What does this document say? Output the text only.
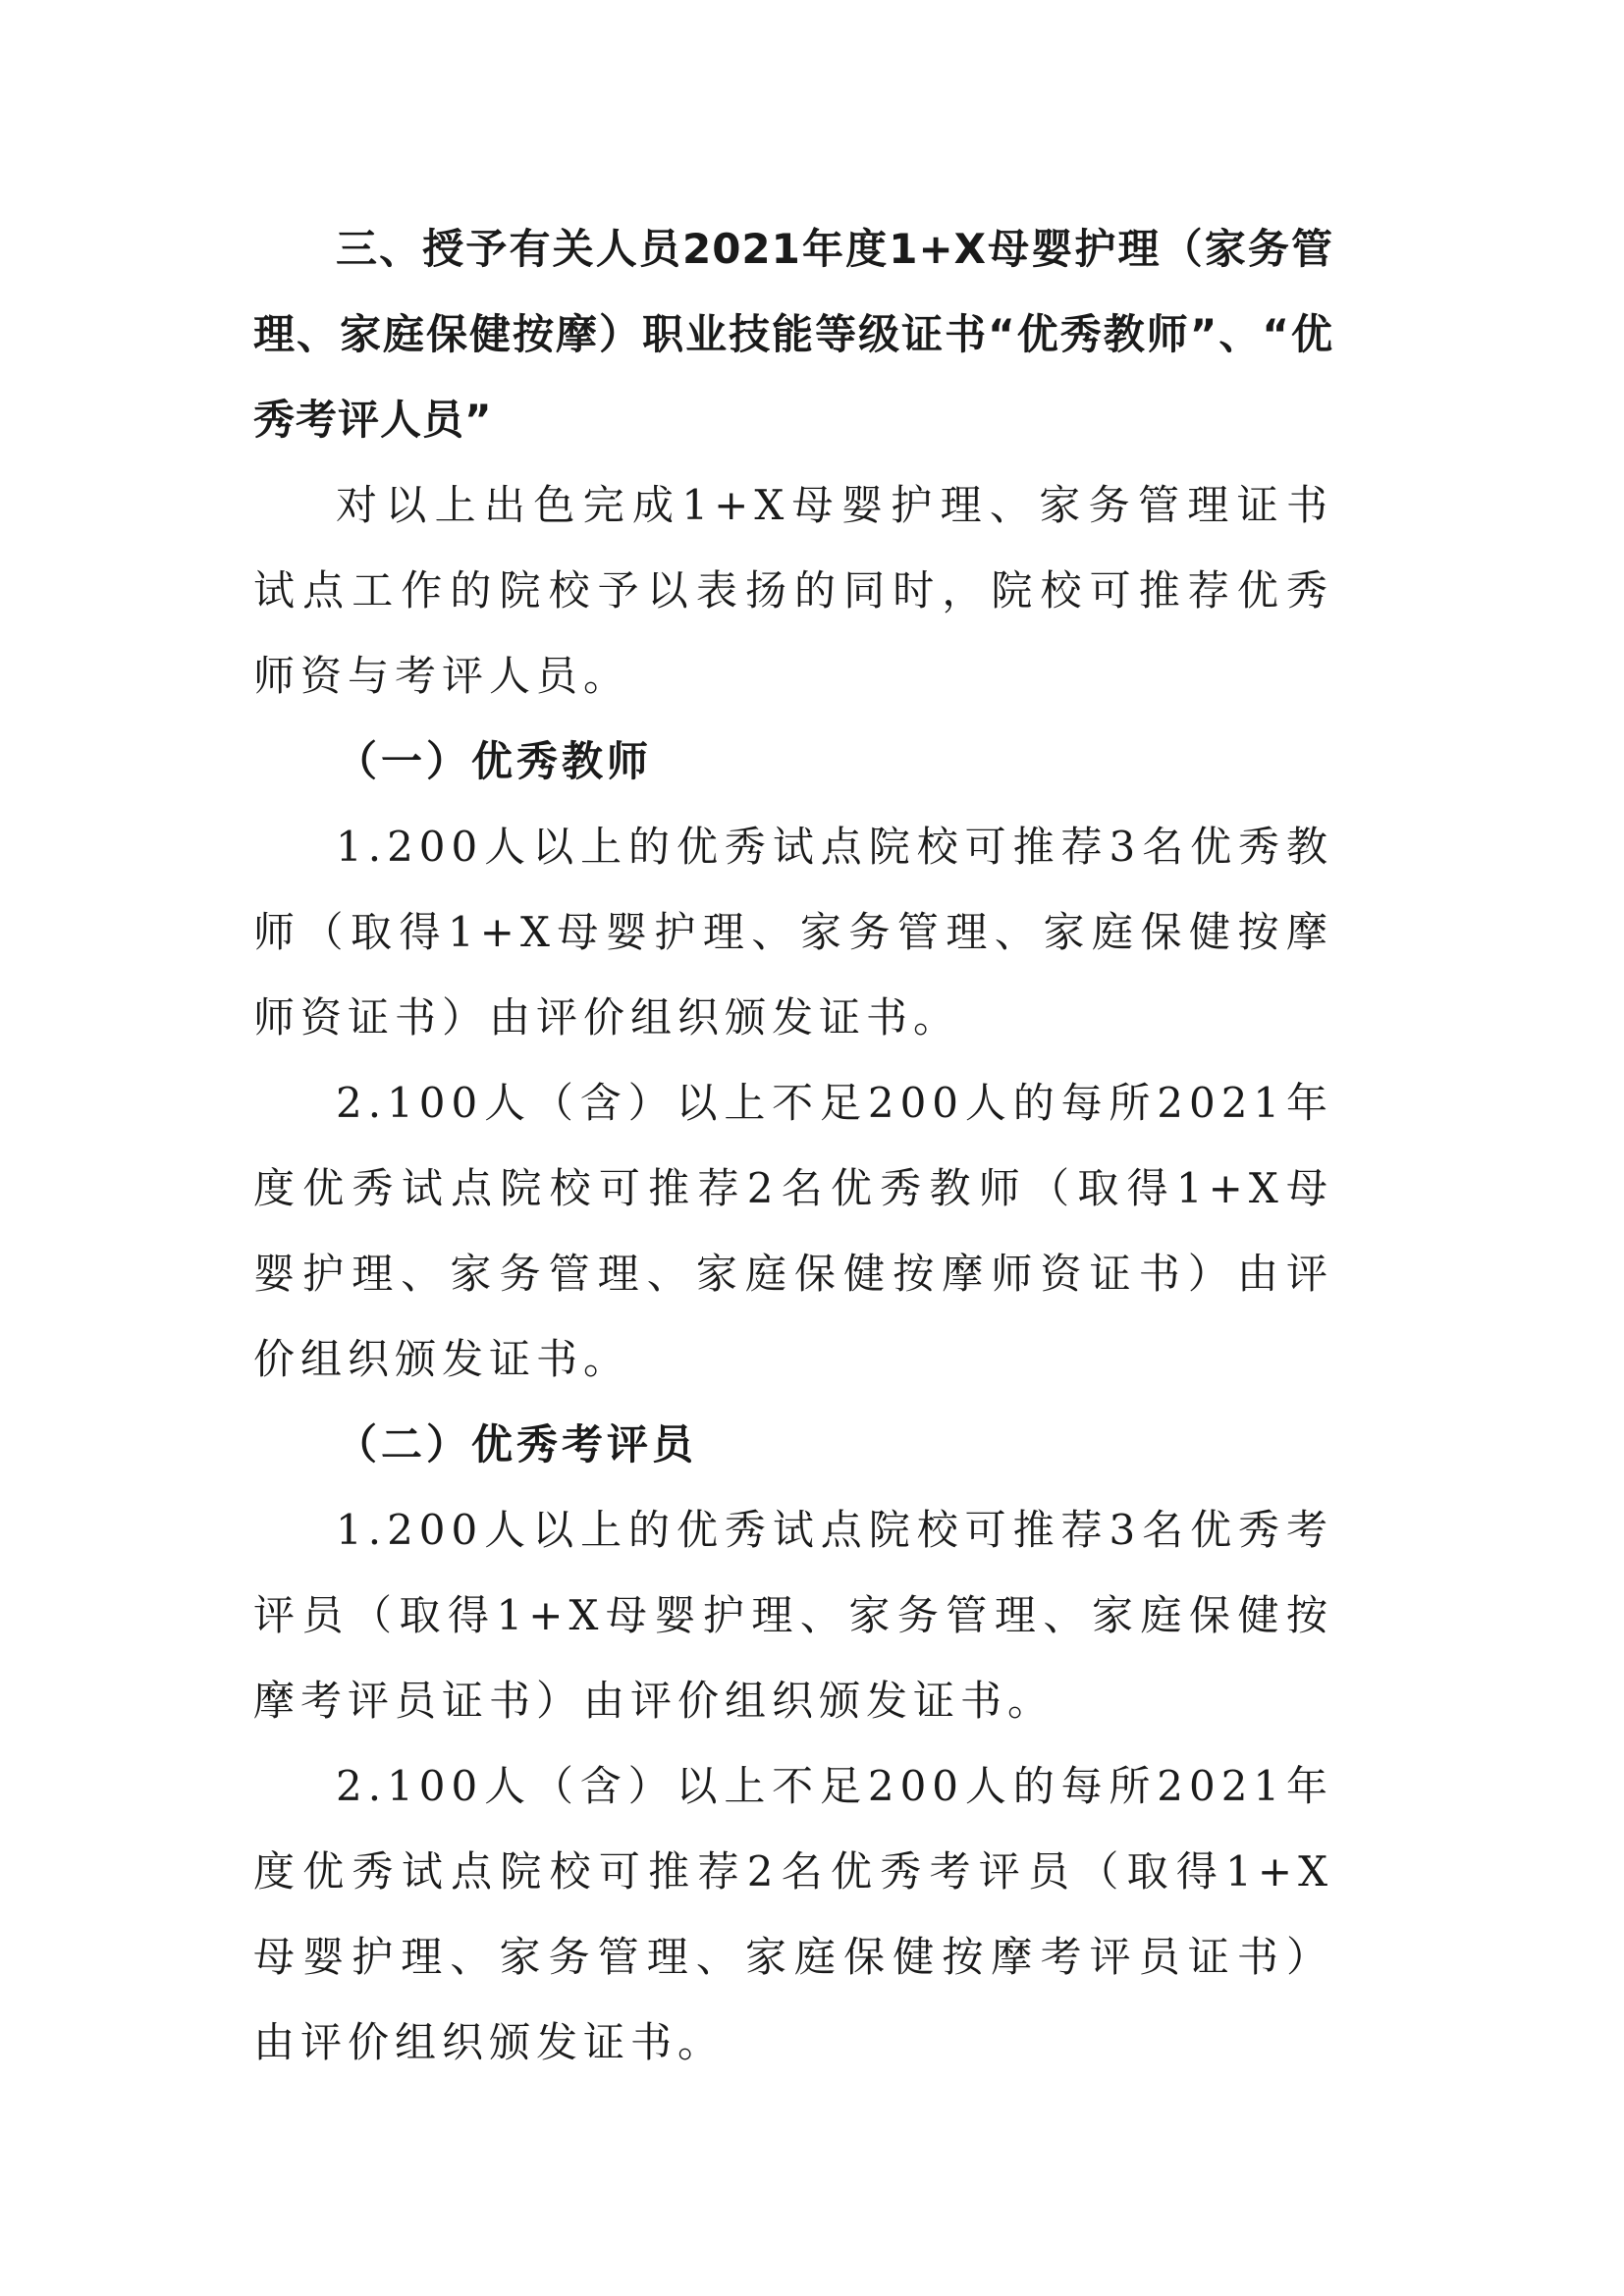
三、授予有关人员2021年度1+X母婴护理（家务管理、家庭保健按摩）职业技能等级证书“优秀教师”、“优秀考评人员”

对以上出色完成1+X母婴护理、家务管理证书试点工作的院校予以表扬的同时，院校可推荐优秀师资与考评人员。

（一）优秀教师

1.200人以上的优秀试点院校可推荐3名优秀教师（取得1+X母婴护理、家务管理、家庭保健按摩师资证书）由评价组织颁发证书。

2.100人（含）以上不足200人的每所2021年度优秀试点院校可推荐2名优秀教师（取得1+X母婴护理、家务管理、家庭保健按摩师资证书）由评价组织颁发证书。

（二）优秀考评员

1.200人以上的优秀试点院校可推荐3名优秀考评员（取得1+X母婴护理、家务管理、家庭保健按摩考评员证书）由评价组织颁发证书。

2.100人（含）以上不足200人的每所2021年度优秀试点院校可推荐2名优秀考评员（取得1+X母婴护理、家务管理、家庭保健按摩考评员证书）由评价组织颁发证书。
